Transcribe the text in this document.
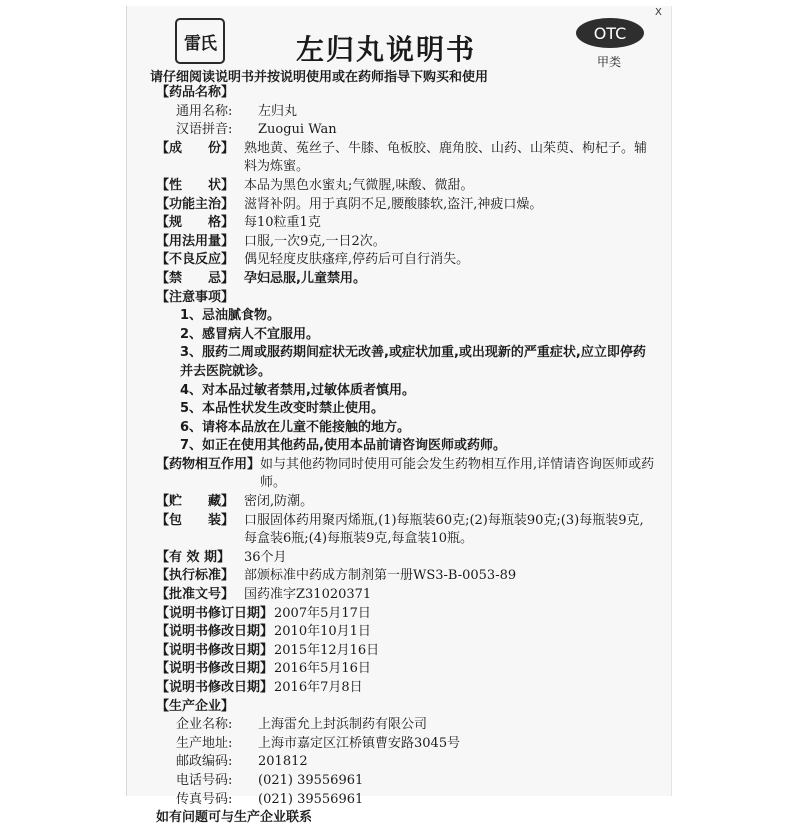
雷氏
X
左归丸说明书	OTC
甲类
请仔细阅读说明书并按说明使用或在药师指导下购买和使用
【药品名称】
通用名称:	左归丸
汉语拼音:	Zuogui Wan
【成　　份】 熟地黄、菟丝子、牛膝、龟板胶、鹿角胶、山药、山茱萸、枸杞子。辅料为炼蜜。
【性　　状】 本品为黑色水蜜丸;气微腥,味酸、微甜。
【功能主治】 滋肾补阴。用于真阴不足,腰酸膝软,盗汗,神疲口燥。
【规　　格】 每10粒重1克
【用法用量】 口服,一次9克,一日2次。
【不良反应】 偶见轻度皮肤瘙痒,停药后可自行消失。
【禁　　忌】 孕妇忌服,儿童禁用。
【注意事项】
1、忌油腻食物。
2、感冒病人不宜服用。
3、服药二周或服药期间症状无改善,或症状加重,或出现新的严重症状,应立即停药并去医院就诊。
4、对本品过敏者禁用,过敏体质者慎用。
5、本品性状发生改变时禁止使用。
6、请将本品放在儿童不能接触的地方。
7、如正在使用其他药品,使用本品前请咨询医师或药师。
【药物相互作用】 如与其他药物同时使用可能会发生药物相互作用,详情请咨询医师或药师。
【贮　　藏】 密闭,防潮。
【包　　装】 口服固体药用聚丙烯瓶,(1)每瓶装60克;(2)每瓶装90克;(3)每瓶装9克,每盒装6瓶;(4)每瓶装9克,每盒装10瓶。
【有 效 期】	36个月
【执行标准】 部颁标准中药成方制剂第一册WS3-B-0053-89
【批准文号】 国药准字Z31020371
【说明书修订日期】 2007年5月17日
【说明书修改日期】 2010年10月1日
【说明书修改日期】 2015年12月16日
【说明书修改日期】 2016年5月16日
【说明书修改日期】 2016年7月8日
【生产企业】
企业名称:	上海雷允上封浜制药有限公司
生产地址:	上海市嘉定区江桥镇曹安路3045号
邮政编码:	201812
电话号码:	(021) 39556961
传真号码:	(021) 39556961
如有问题可与生产企业联系
